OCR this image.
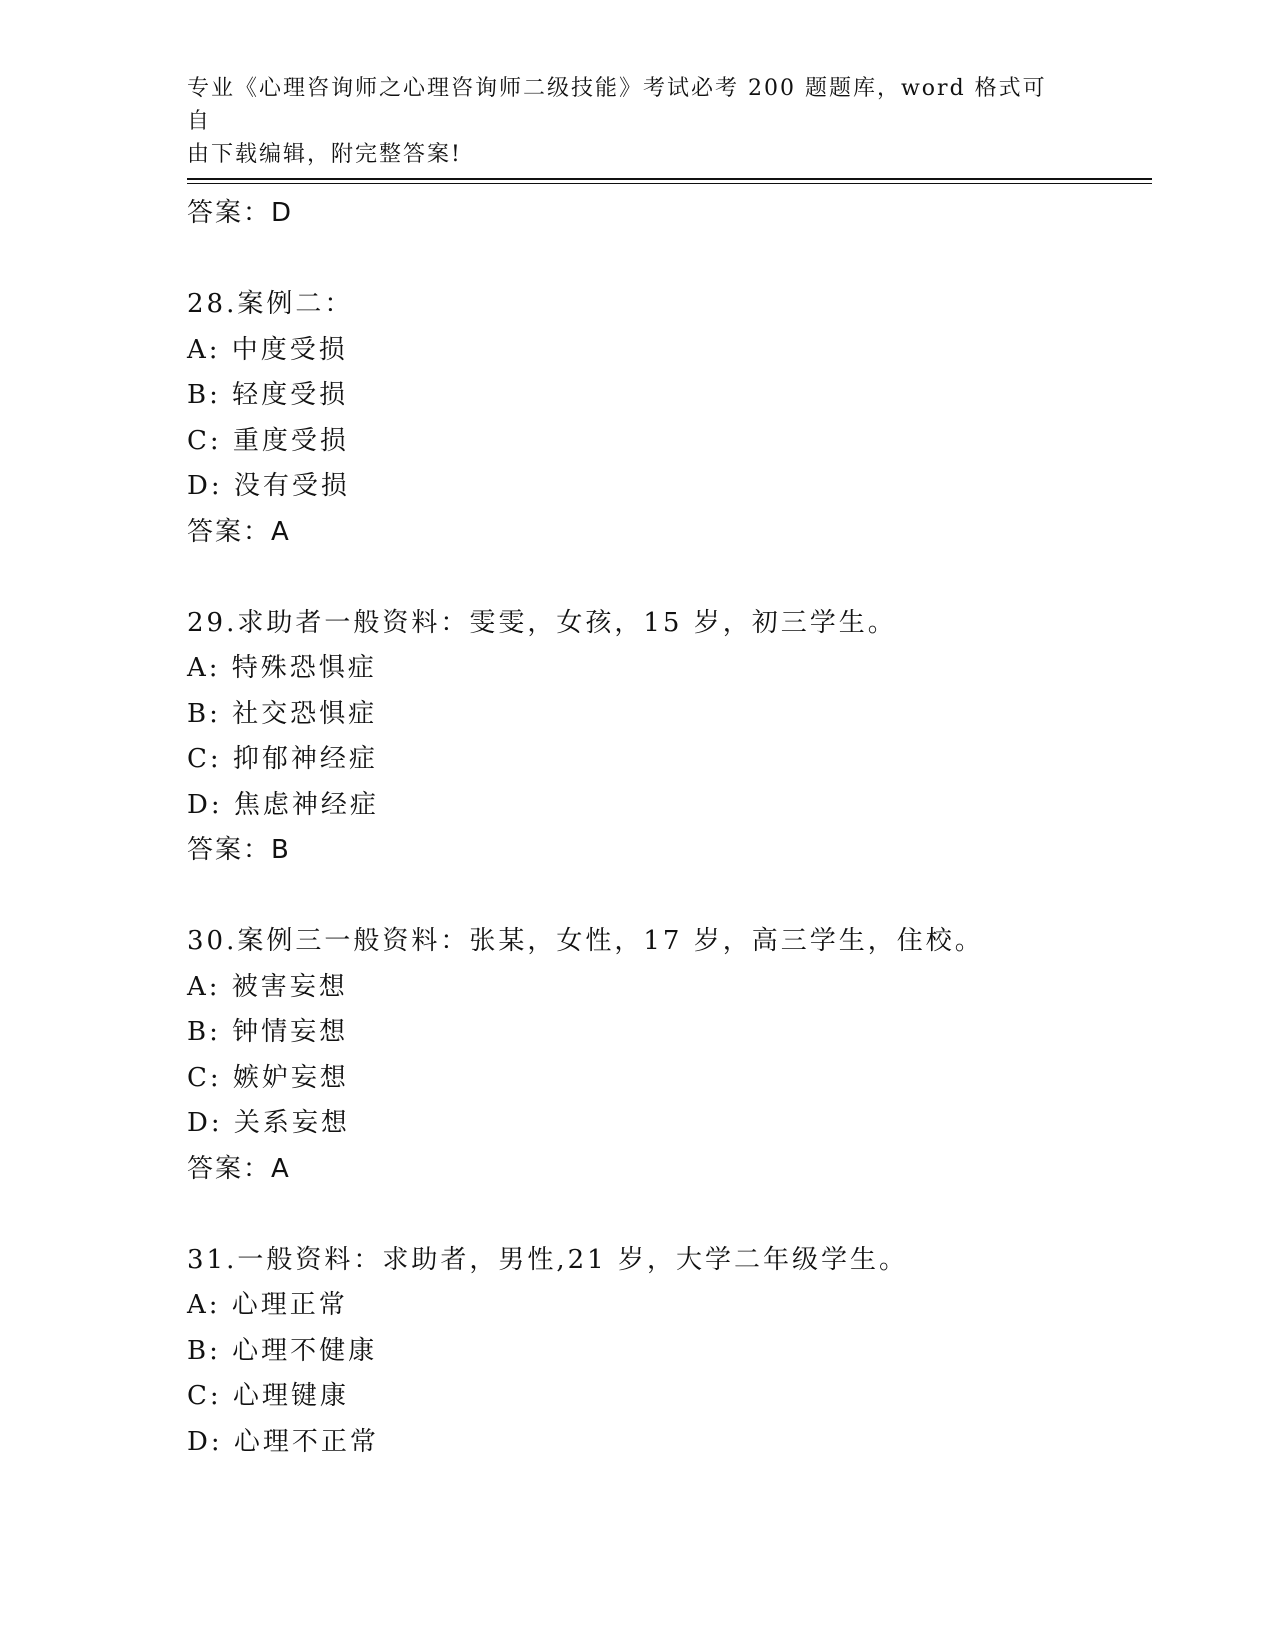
专业《心理咨询师之心理咨询师二级技能》考试必考 200 题题库，word 格式可自
由下载编辑，附完整答案!
答案：D
28.案例二：
A: 中度受损
B: 轻度受损
C: 重度受损
D: 没有受损
答案：A
29.求助者一般资料：雯雯，女孩，15 岁，初三学生。
A: 特殊恐惧症
B: 社交恐惧症
C: 抑郁神经症
D: 焦虑神经症
答案：B
30.案例三一般资料：张某，女性，17 岁，高三学生，住校。
A: 被害妄想
B: 钟情妄想
C: 嫉妒妄想
D: 关系妄想
答案：A
31.一般资料：求助者，男性,21 岁，大学二年级学生。
A: 心理正常
B: 心理不健康
C: 心理键康
D: 心理不正常
